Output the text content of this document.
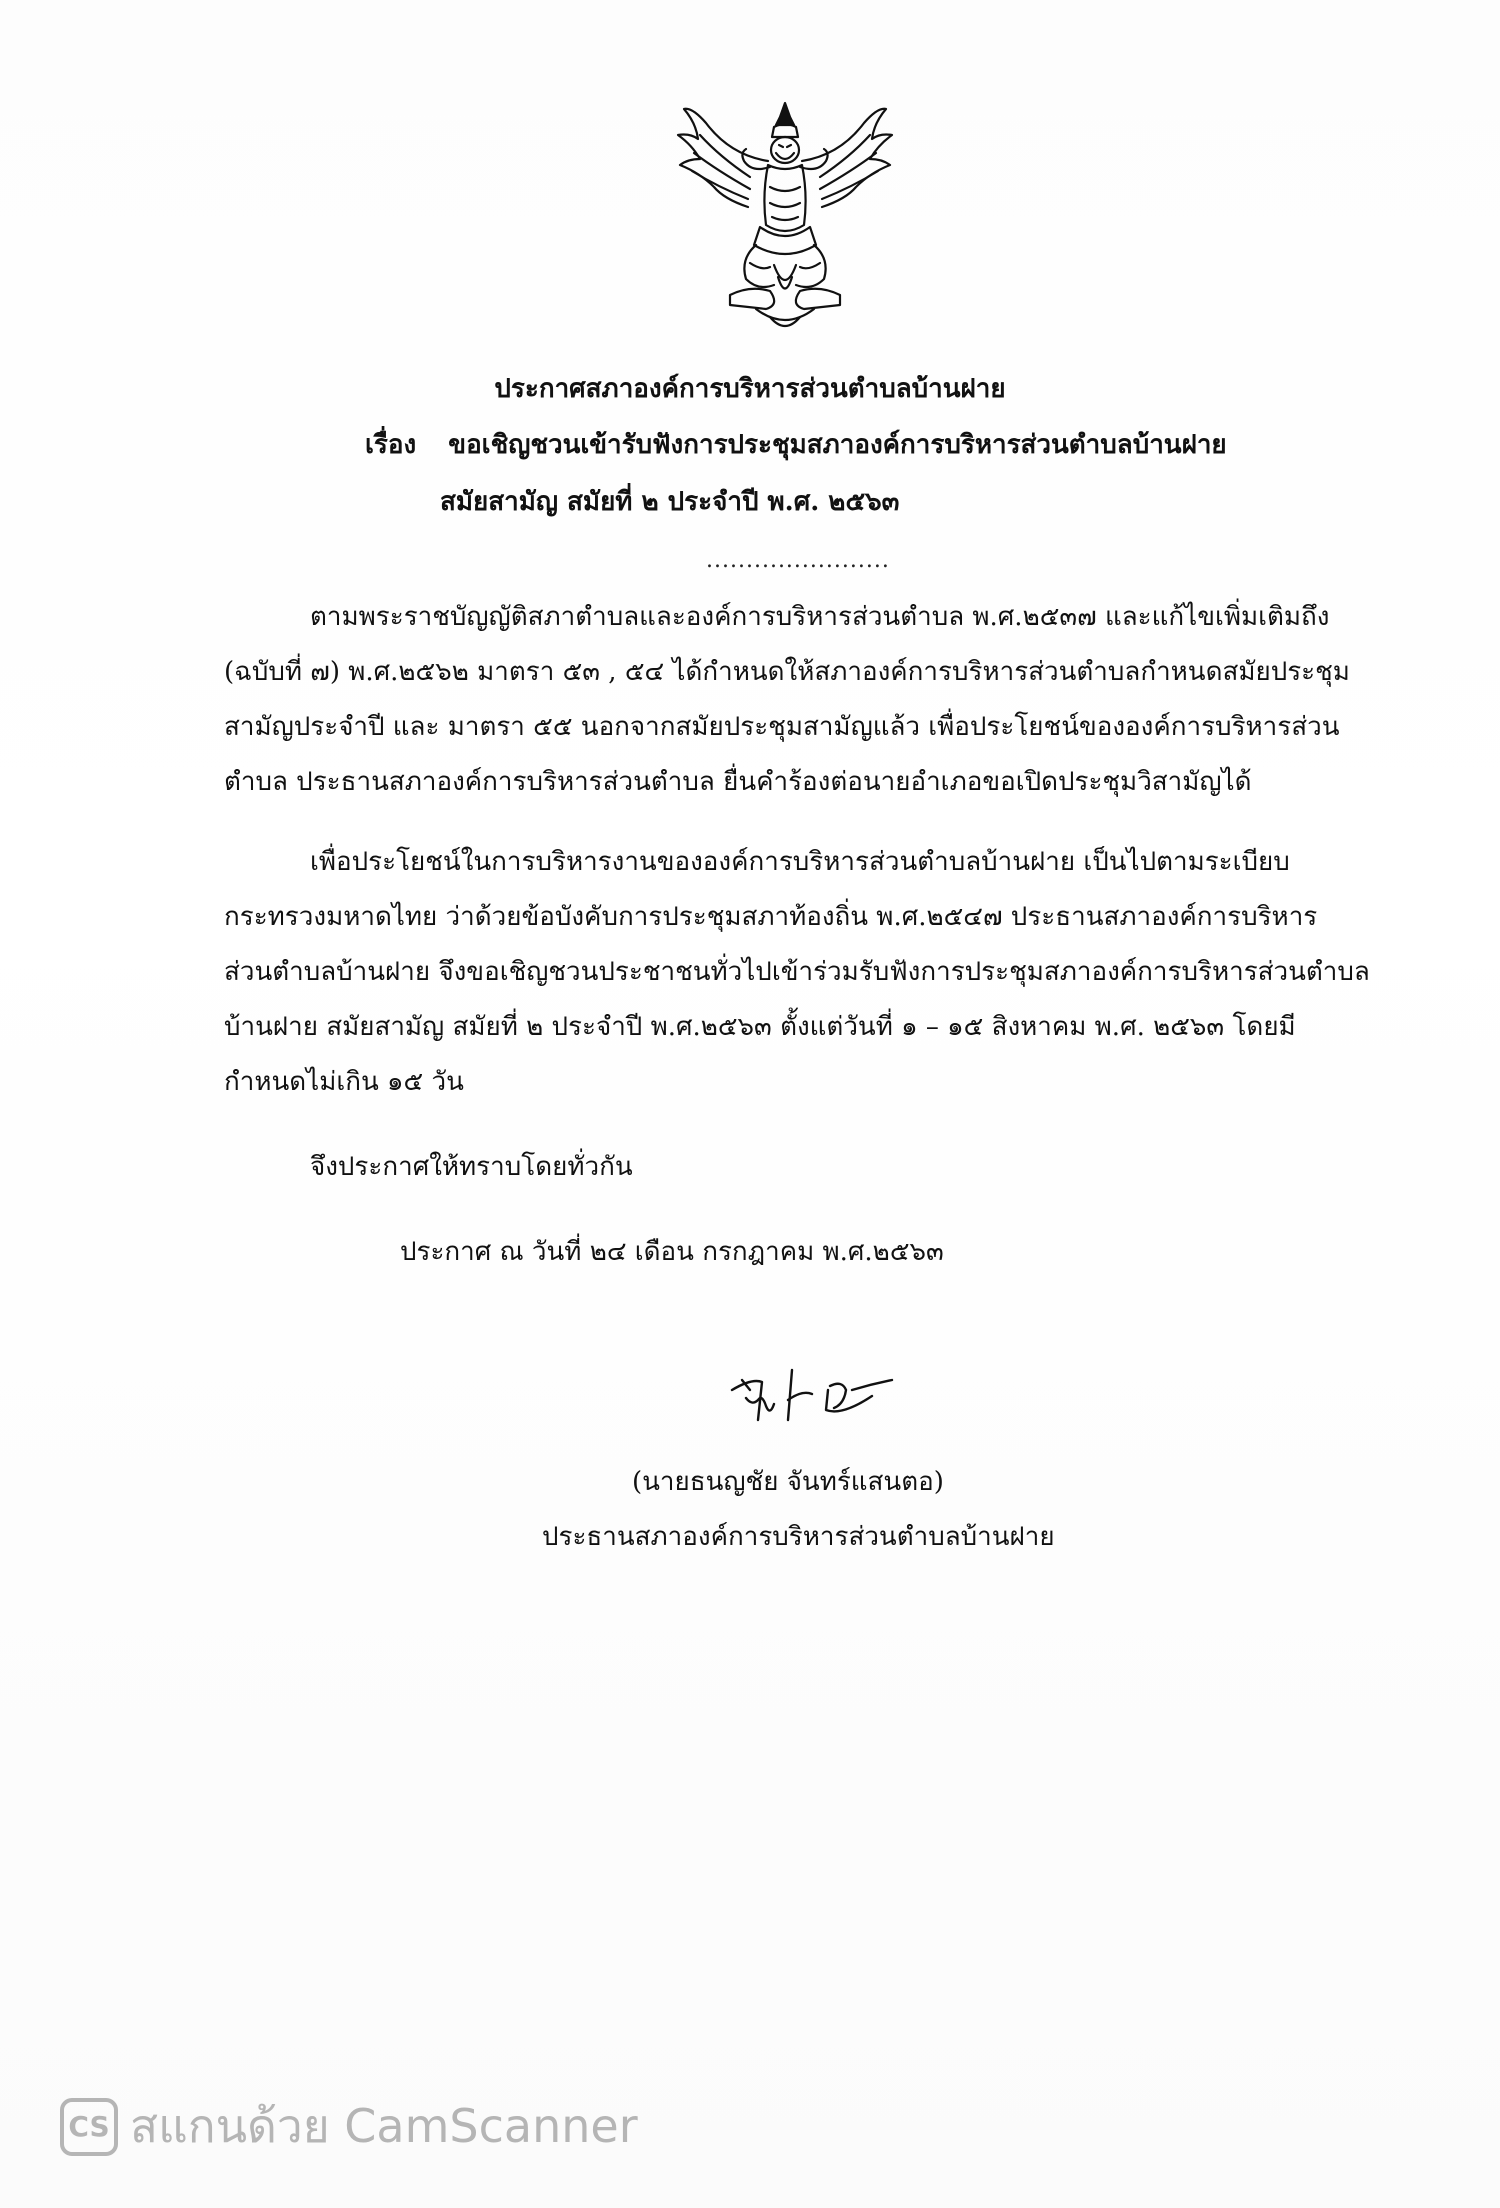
ประกาศสภาองค์การบริหารส่วนตำบลบ้านฝาย
เรื่อง ขอเชิญชวนเข้ารับฟังการประชุมสภาองค์การบริหารส่วนตำบลบ้านฝาย
สมัยสามัญ สมัยที่ ๒ ประจำปี พ.ศ. ๒๕๖๓
.......................
ตามพระราชบัญญัติสภาตำบลและองค์การบริหารส่วนตำบล พ.ศ.๒๕๓๗ และแก้ไขเพิ่มเติมถึง
(ฉบับที่ ๗) พ.ศ.๒๕๖๒ มาตรา ๕๓ , ๕๔ ได้กำหนดให้สภาองค์การบริหารส่วนตำบลกำหนดสมัยประชุม
สามัญประจำปี และ มาตรา ๕๕ นอกจากสมัยประชุมสามัญแล้ว เพื่อประโยชน์ขององค์การบริหารส่วน
ตำบล ประธานสภาองค์การบริหารส่วนตำบล ยื่นคำร้องต่อนายอำเภอขอเปิดประชุมวิสามัญได้
เพื่อประโยชน์ในการบริหารงานขององค์การบริหารส่วนตำบลบ้านฝาย เป็นไปตามระเบียบ
กระทรวงมหาดไทย ว่าด้วยข้อบังคับการประชุมสภาท้องถิ่น พ.ศ.๒๕๔๗ ประธานสภาองค์การบริหาร
ส่วนตำบลบ้านฝาย จึงขอเชิญชวนประชาชนทั่วไปเข้าร่วมรับฟังการประชุมสภาองค์การบริหารส่วนตำบล
บ้านฝาย สมัยสามัญ สมัยที่ ๒ ประจำปี พ.ศ.๒๕๖๓ ตั้งแต่วันที่ ๑ – ๑๕ สิงหาคม พ.ศ. ๒๕๖๓ โดยมี
กำหนดไม่เกิน ๑๕ วัน
จึงประกาศให้ทราบโดยทั่วกัน
ประกาศ ณ วันที่ ๒๔ เดือน กรกฎาคม พ.ศ.๒๕๖๓
(นายธนญชัย จันทร์แสนตอ)
ประธานสภาองค์การบริหารส่วนตำบลบ้านฝาย
CS สแกนด้วย CamScanner
